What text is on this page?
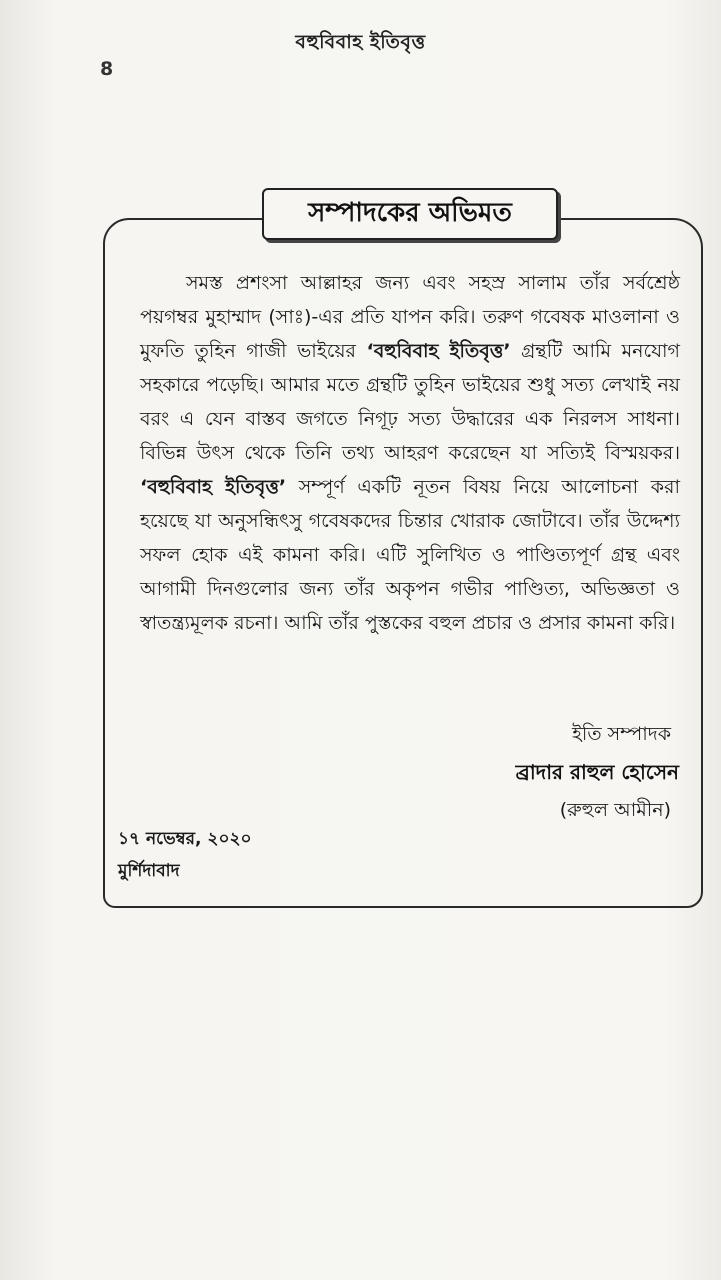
বহুবিবাহ ইতিবৃত্ত
8
সম্পাদকের অভিমত

সমস্ত প্রশংসা আল্লাহর জন্য এবং সহস্র সালাম তাঁর সর্বশ্রেষ্ঠ পয়গম্বর মুহাম্মাদ (সাঃ)-এর প্রতি যাপন করি। তরুণ গবেষক মাওলানা ও মুফতি তুহিন গাজী ভাইয়ের ‘বহুবিবাহ ইতিবৃত্ত’ গ্রন্থটি আমি মনযোগ সহকারে পড়েছি। আমার মতে গ্রন্থটি তুহিন ভাইয়ের শুধু সত্য লেখাই নয় বরং এ যেন বাস্তব জগতে নিগূঢ় সত্য উদ্ধারের এক নিরলস সাধনা। বিভিন্ন উৎস থেকে তিনি তথ্য আহরণ করেছেন যা সত্যিই বিস্ময়কর। ‘বহুবিবাহ ইতিবৃত্ত’ সম্পূর্ণ একটি নূতন বিষয় নিয়ে আলোচনা করা হয়েছে যা অনুসন্ধিৎসু গবেষকদের চিন্তার খোরাক জোটাবে। তাঁর উদ্দেশ্য সফল হোক এই কামনা করি। এটি সুলিখিত ও পাণ্ডিত্যপূর্ণ গ্রন্থ এবং আগামী দিনগুলোর জন্য তাঁর অকৃপন গভীর পাণ্ডিত্য, অভিজ্ঞতা ও স্বাতন্ত্র্যমূলক রচনা। আমি তাঁর পুস্তকের বহুল প্রচার ও প্রসার কামনা করি।

ইতি সম্পাদক
ব্রাদার রাহুল হোসেন
(রুহুল আমীন)
১৭ নভেম্বর, ২০২০
মুর্শিদাবাদ
